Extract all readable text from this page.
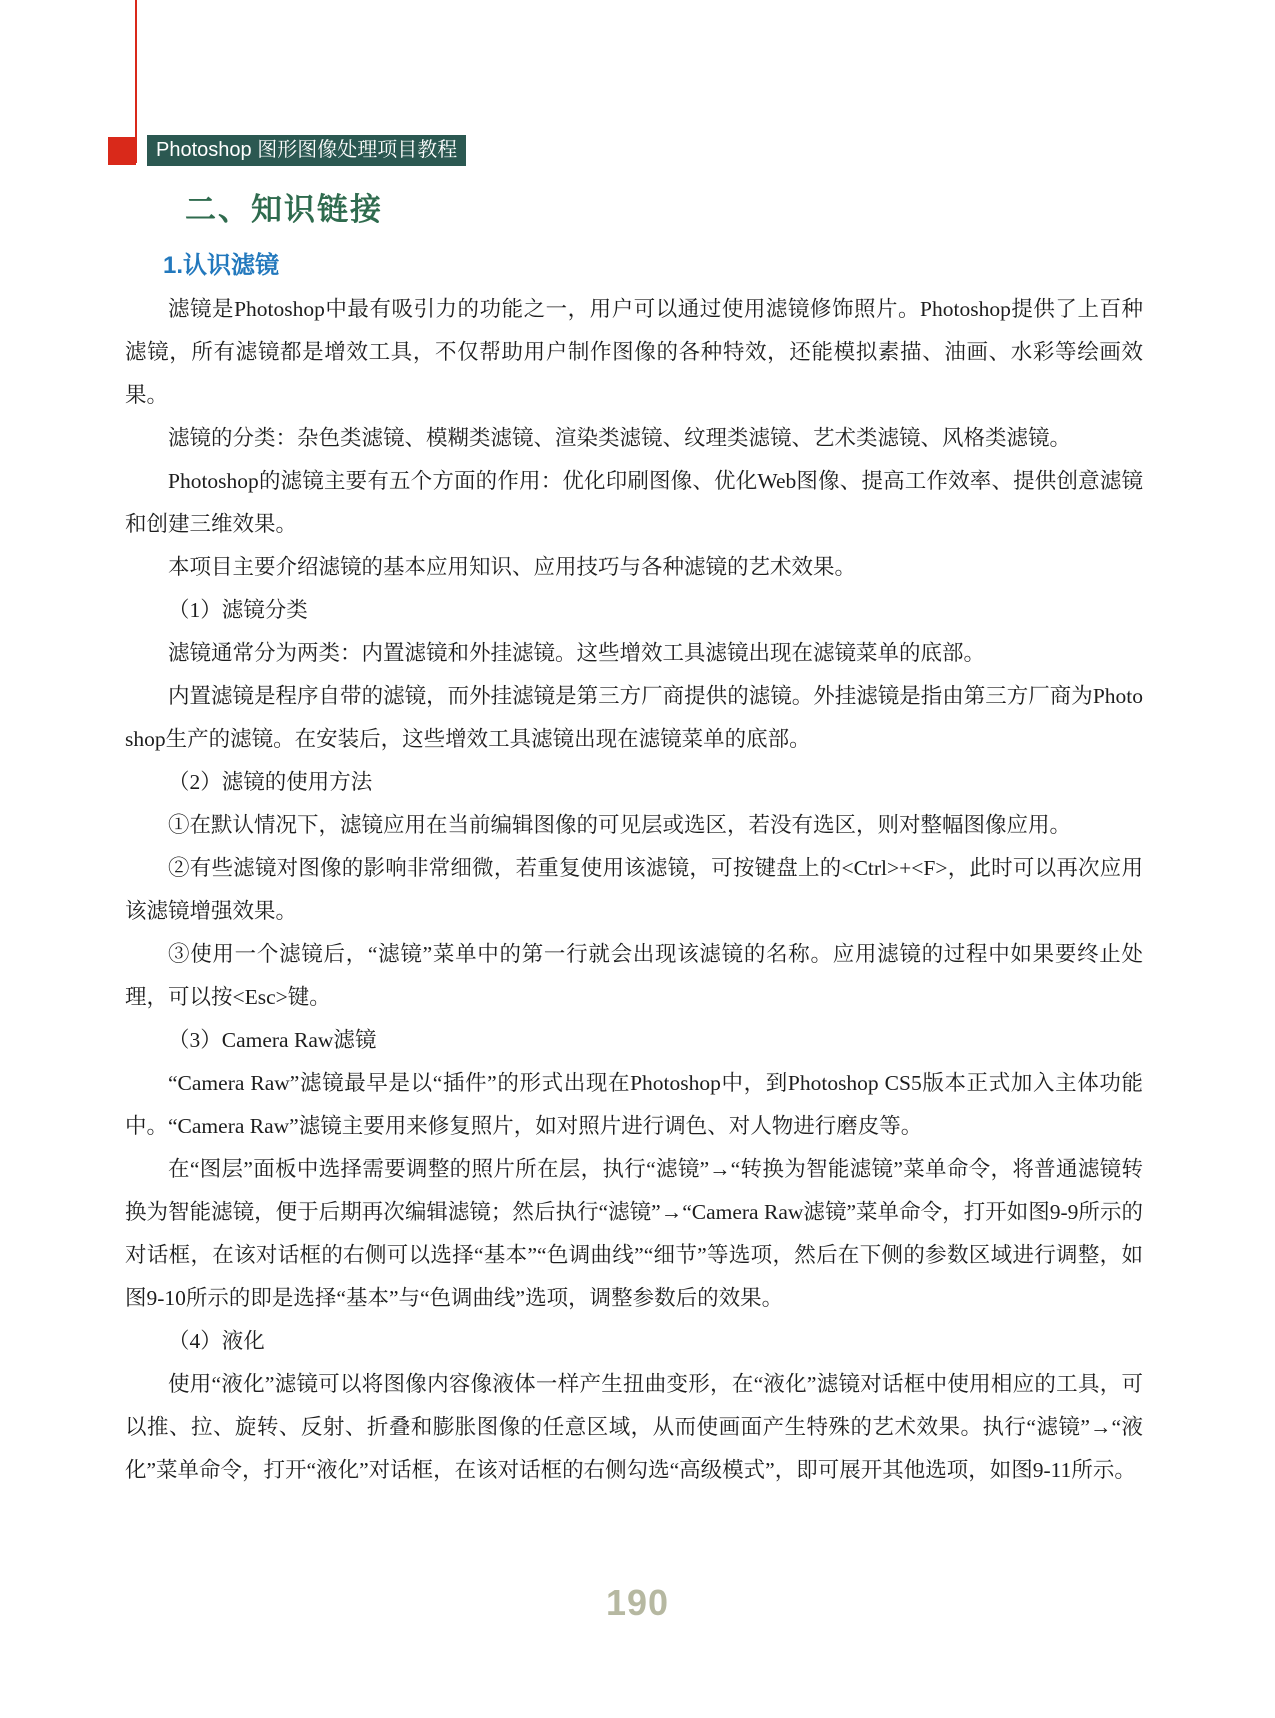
Photoshop 图形图像处理项目教程
二、知识链接
1.认识滤镜

滤镜是Photoshop中最有吸引力的功能之一，用户可以通过使用滤镜修饰照片。Photoshop提供了上百种滤镜，所有滤镜都是增效工具，不仅帮助用户制作图像的各种特效，还能模拟素描、油画、水彩等绘画效果。

滤镜的分类：杂色类滤镜、模糊类滤镜、渲染类滤镜、纹理类滤镜、艺术类滤镜、风格类滤镜。

Photoshop的滤镜主要有五个方面的作用：优化印刷图像、优化Web图像、提高工作效率、提供创意滤镜和创建三维效果。

本项目主要介绍滤镜的基本应用知识、应用技巧与各种滤镜的艺术效果。

（1）滤镜分类

滤镜通常分为两类：内置滤镜和外挂滤镜。这些增效工具滤镜出现在滤镜菜单的底部。

内置滤镜是程序自带的滤镜，而外挂滤镜是第三方厂商提供的滤镜。外挂滤镜是指由第三方厂商为Photoshop生产的滤镜。在安装后，这些增效工具滤镜出现在滤镜菜单的底部。

（2）滤镜的使用方法

①在默认情况下，滤镜应用在当前编辑图像的可见层或选区，若没有选区，则对整幅图像应用。

②有些滤镜对图像的影响非常细微，若重复使用该滤镜，可按键盘上的<Ctrl>+<F>，此时可以再次应用该滤镜增强效果。

③使用一个滤镜后，“滤镜”菜单中的第一行就会出现该滤镜的名称。应用滤镜的过程中如果要终止处理，可以按<Esc>键。

（3）Camera Raw滤镜

“Camera Raw”滤镜最早是以“插件”的形式出现在Photoshop中，到Photoshop CS5版本正式加入主体功能中。“Camera Raw”滤镜主要用来修复照片，如对照片进行调色、对人物进行磨皮等。

在“图层”面板中选择需要调整的照片所在层，执行“滤镜”→“转换为智能滤镜”菜单命令，将普通滤镜转换为智能滤镜，便于后期再次编辑滤镜；然后执行“滤镜”→“Camera Raw滤镜”菜单命令，打开如图9-9所示的对话框，在该对话框的右侧可以选择“基本”“色调曲线”“细节”等选项，然后在下侧的参数区域进行调整，如图9-10所示的即是选择“基本”与“色调曲线”选项，调整参数后的效果。

（4）液化

使用“液化”滤镜可以将图像内容像液体一样产生扭曲变形，在“液化”滤镜对话框中使用相应的工具，可以推、拉、旋转、反射、折叠和膨胀图像的任意区域，从而使画面产生特殊的艺术效果。执行“滤镜”→“液化”菜单命令，打开“液化”对话框，在该对话框的右侧勾选“高级模式”，即可展开其他选项，如图9-11所示。

190
